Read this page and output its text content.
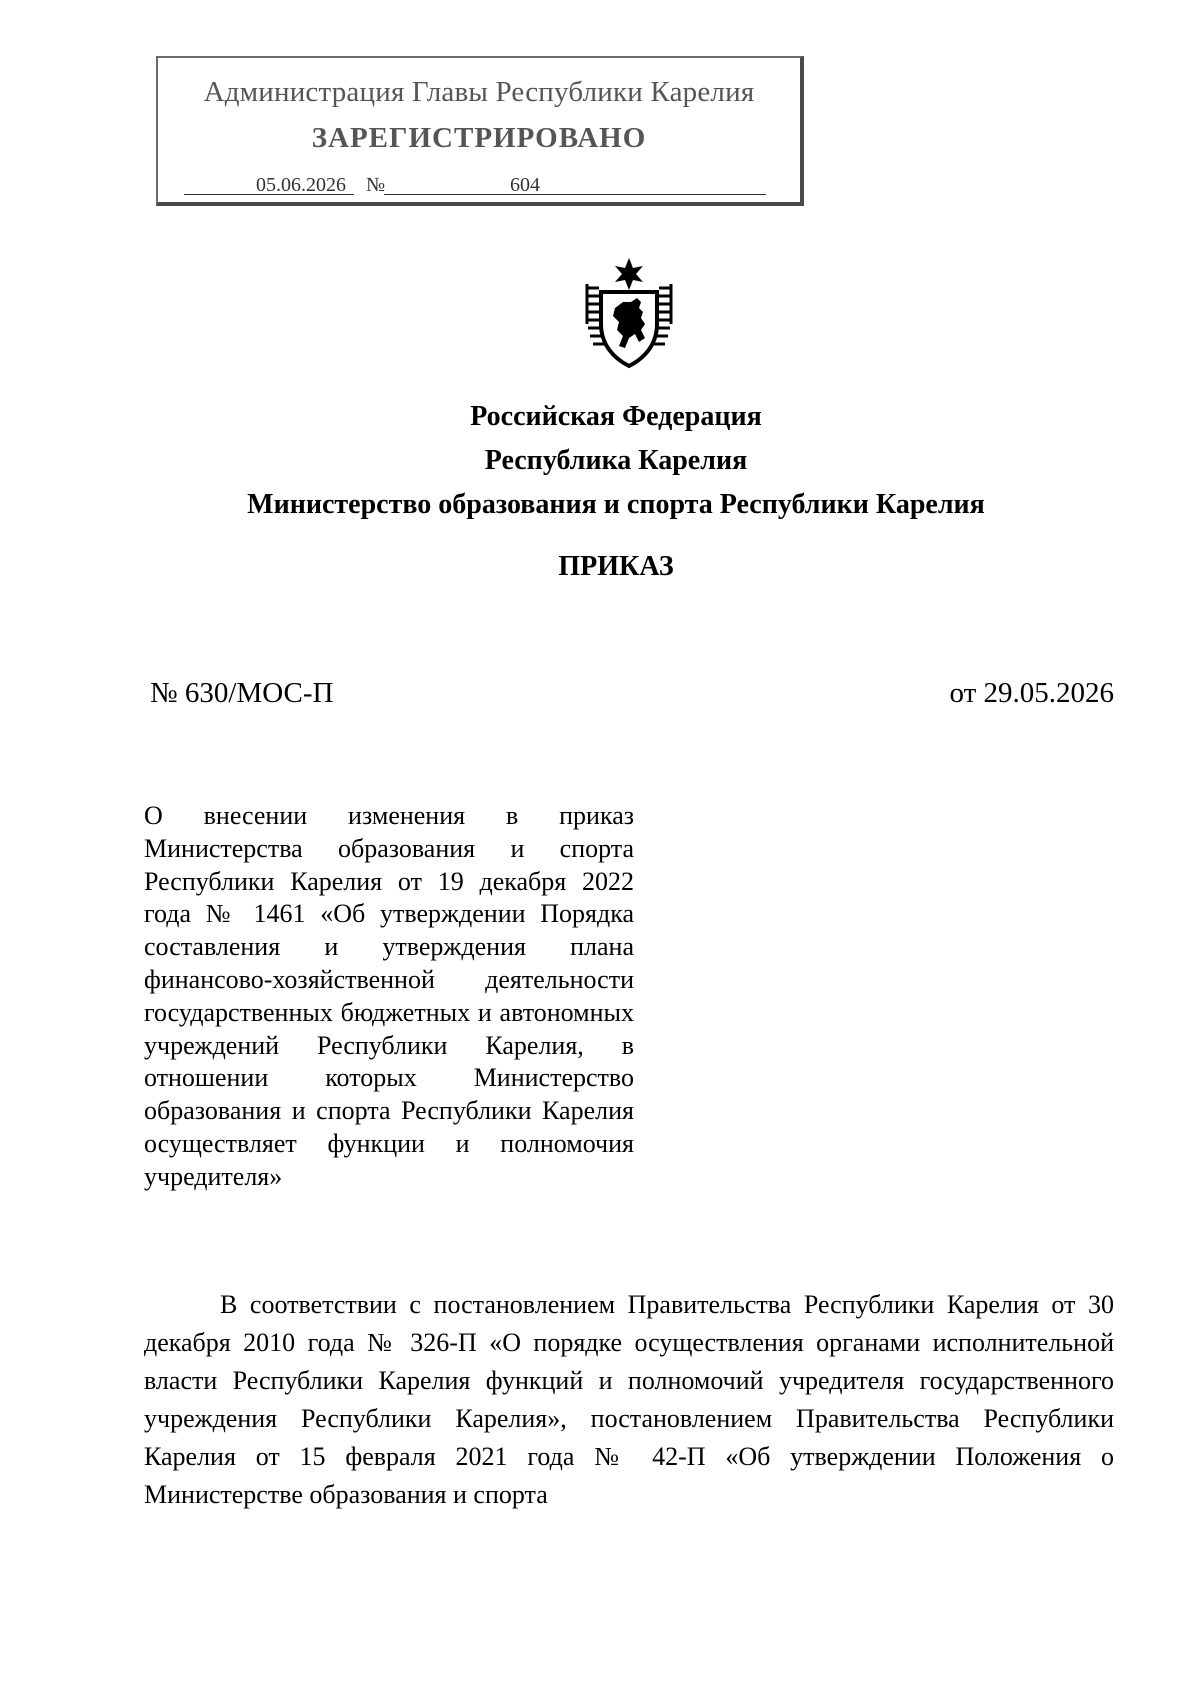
Администрация Главы Республики Карелия
ЗАРЕГИСТРИРОВАНО
05.06.2026	604
№
Российская Федерация
Республика Карелия
Министерство образования и спорта Республики Карелия
ПРИКАЗ
№ 630/МОС-П	от 29.05.2026
О внесении изменения в приказ Министерства образования и спорта Республики Карелия от 19 декабря 2022 года № 1461 «Об утверждении Порядка составления и утверждения плана финансово-хозяйственной деятельности государственных бюджетных и автономных учреждений Республики Карелия, в отношении которых Министерство образования и спорта Республики Карелия осуществляет функции и полномочия учредителя»
В соответствии с постановлением Правительства Республики Карелия от 30 декабря 2010 года № 326-П «О порядке осуществления органами исполнительной власти Республики Карелия функций и полномочий учредителя государственного учреждения Республики Карелия», постановлением Правительства Республики Карелия от 15 февраля 2021 года № 42-П «Об утверждении Положения о Министерстве образования и спорта
